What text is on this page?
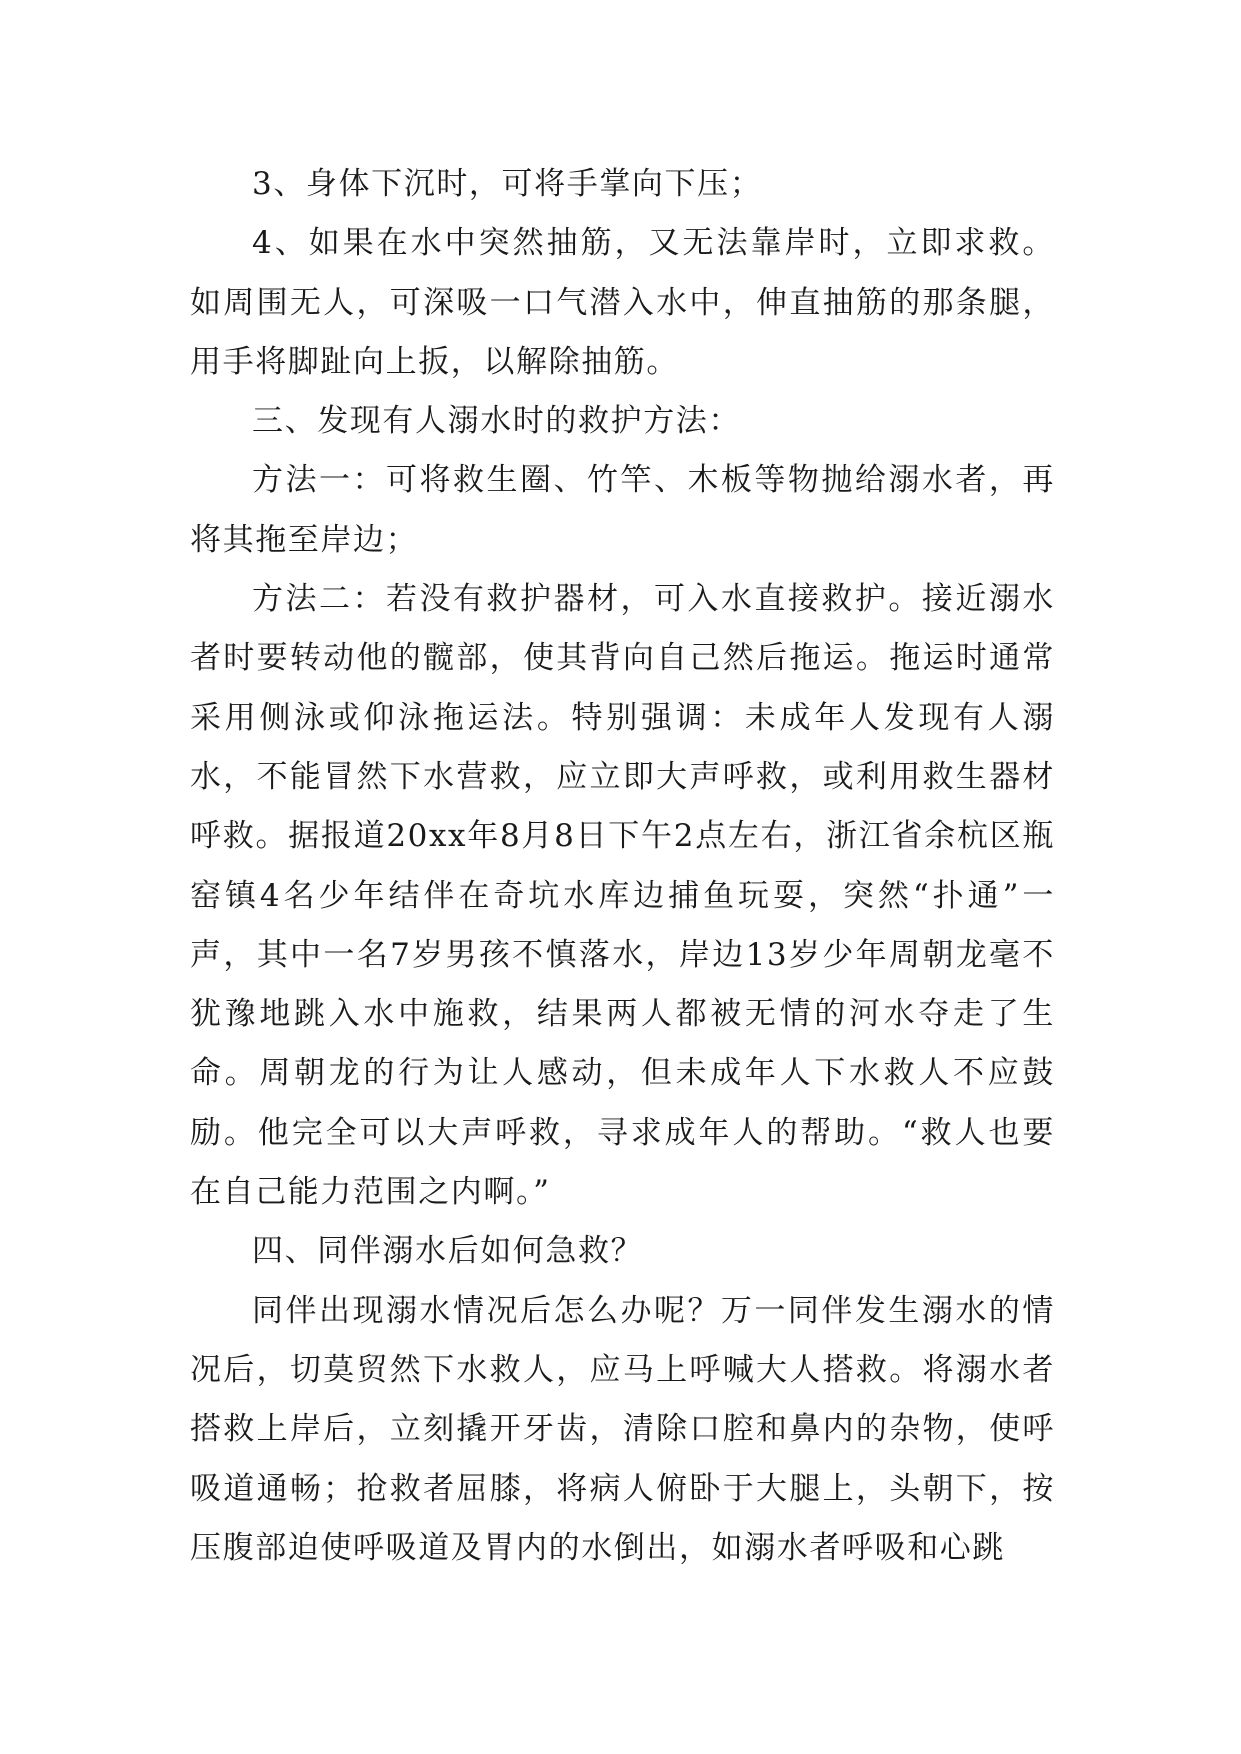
3、身体下沉时，可将手掌向下压；

4、如果在水中突然抽筋，又无法靠岸时，立即求救。如周围无人，可深吸一口气潜入水中，伸直抽筋的那条腿，用手将脚趾向上扳，以解除抽筋。

三、发现有人溺水时的救护方法：

方法一：可将救生圈、竹竿、木板等物抛给溺水者，再将其拖至岸边；

方法二：若没有救护器材，可入水直接救护。接近溺水者时要转动他的髋部，使其背向自己然后拖运。拖运时通常采用侧泳或仰泳拖运法。特别强调：未成年人发现有人溺水，不能冒然下水营救，应立即大声呼救，或利用救生器材呼救。据报道20xx年8月8日下午2点左右，浙江省余杭区瓶窑镇4名少年结伴在奇坑水库边捕鱼玩耍，突然“扑通”一声，其中一名7岁男孩不慎落水，岸边13岁少年周朝龙毫不犹豫地跳入水中施救，结果两人都被无情的河水夺走了生命。周朝龙的行为让人感动，但未成年人下水救人不应鼓励。他完全可以大声呼救，寻求成年人的帮助。“救人也要在自己能力范围之内啊。”

四、同伴溺水后如何急救？

同伴出现溺水情况后怎么办呢？万一同伴发生溺水的情况后，切莫贸然下水救人，应马上呼喊大人搭救。将溺水者搭救上岸后，立刻撬开牙齿，清除口腔和鼻内的杂物，使呼吸道通畅；抢救者屈膝，将病人俯卧于大腿上，头朝下，按压腹部迫使呼吸道及胃内的水倒出，如溺水者呼吸和心跳
